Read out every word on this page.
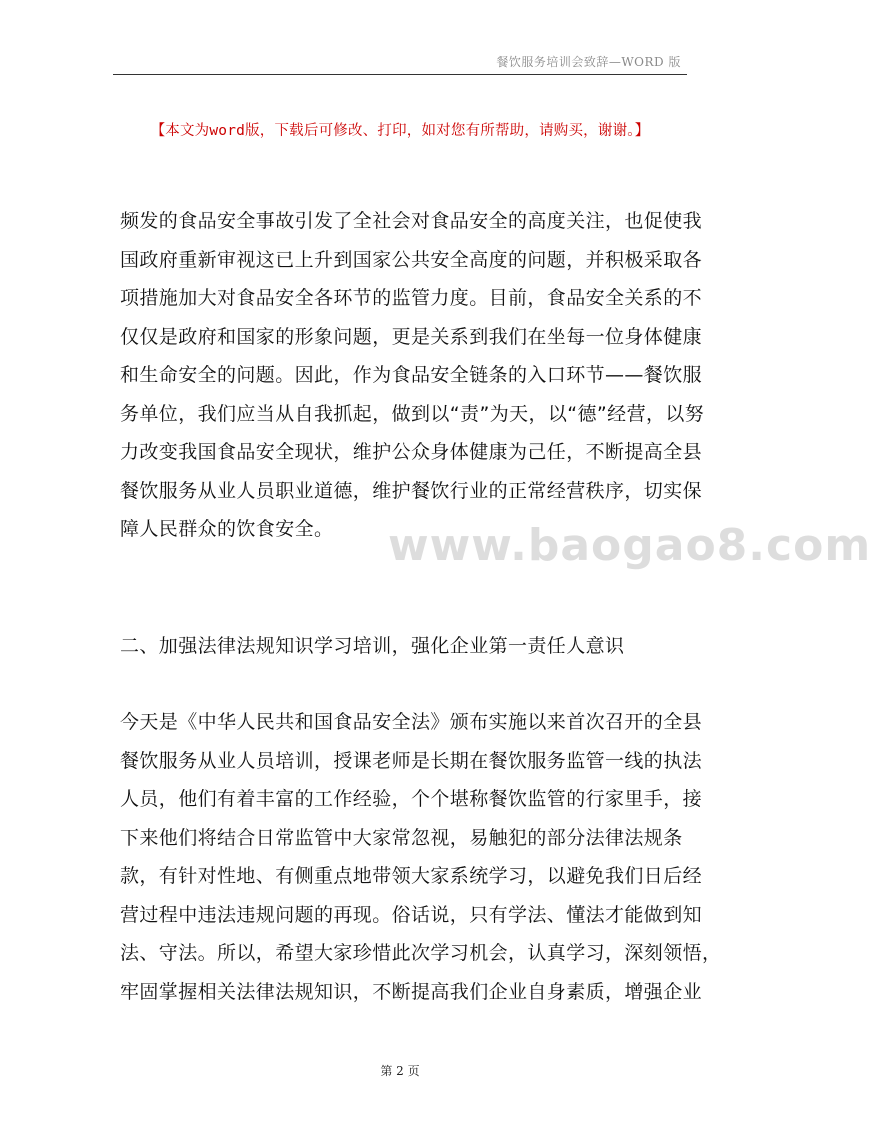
餐饮服务培训会致辞—WORD 版
【本文为word版，下载后可修改、打印，如对您有所帮助，请购买，谢谢。】
频发的食品安全事故引发了全社会对食品安全的高度关注，也促使我
国政府重新审视这已上升到国家公共安全高度的问题，并积极采取各
项措施加大对食品安全各环节的监管力度。目前，食品安全关系的不
仅仅是政府和国家的形象问题，更是关系到我们在坐每一位身体健康
和生命安全的问题。因此，作为食品安全链条的入口环节——餐饮服
务单位，我们应当从自我抓起，做到以“责”为天，以“德”经营，以努
力改变我国食品安全现状，维护公众身体健康为己任，不断提高全县
餐饮服务从业人员职业道德，维护餐饮行业的正常经营秩序，切实保
障人民群众的饮食安全。	www.baogao8.com
二、加强法律法规知识学习培训，强化企业第一责任人意识
今天是《中华人民共和国食品安全法》颁布实施以来首次召开的全县
餐饮服务从业人员培训，授课老师是长期在餐饮服务监管一线的执法
人员，他们有着丰富的工作经验，个个堪称餐饮监管的行家里手，接
下来他们将结合日常监管中大家常忽视，易触犯的部分法律法规条
款，有针对性地、有侧重点地带领大家系统学习，以避免我们日后经
营过程中违法违规问题的再现。俗话说，只有学法、懂法才能做到知
法、守法。所以，希望大家珍惜此次学习机会，认真学习，深刻领悟，
牢固掌握相关法律法规知识，不断提高我们企业自身素质，增强企业
第 2 页
